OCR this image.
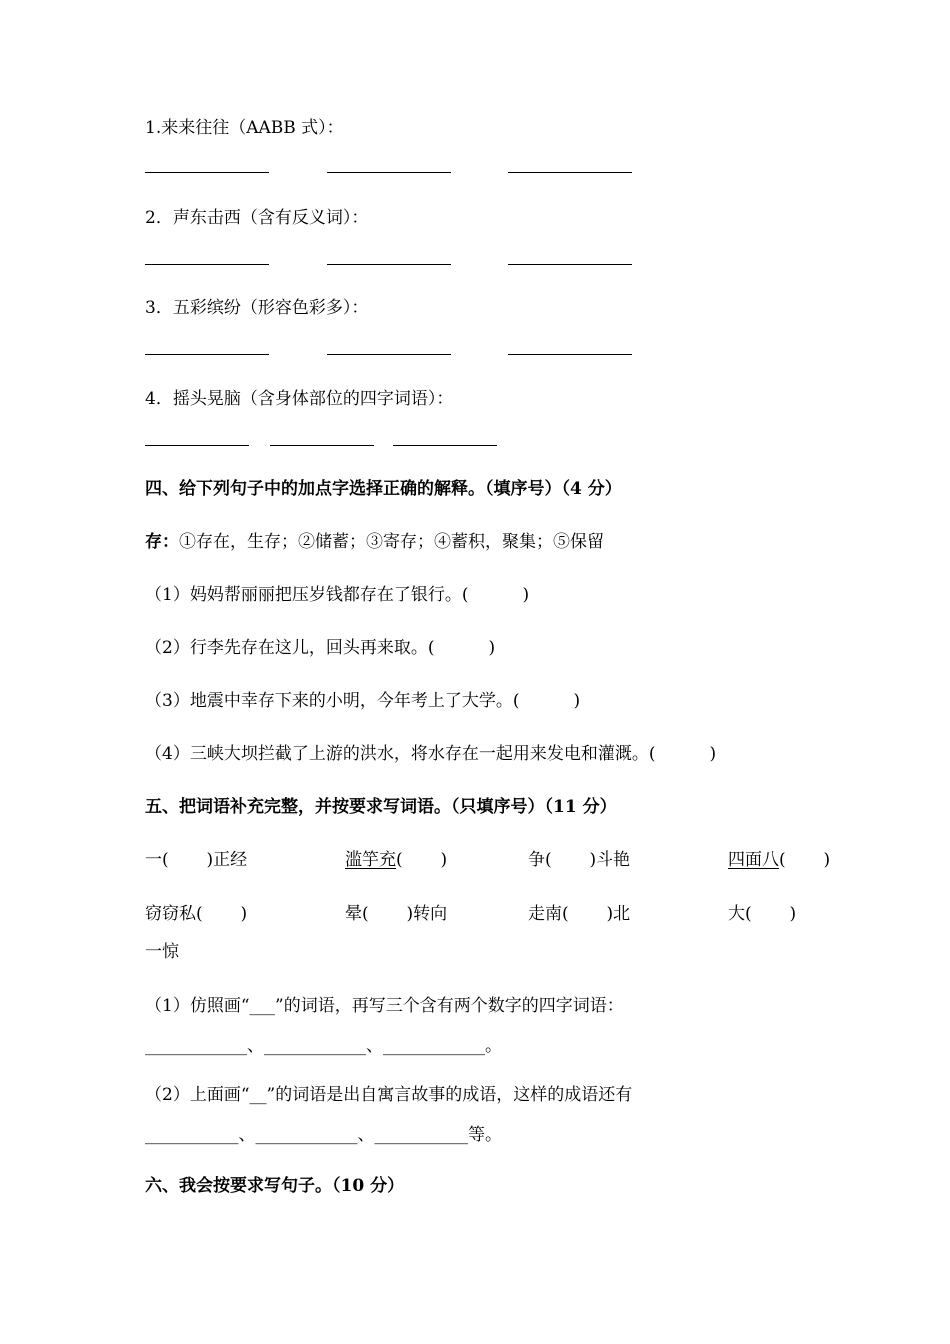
1.来来往往（AABB 式）：
2．声东击西（含有反义词）：
3．五彩缤纷（形容色彩多）：
4．摇头晃脑（含身体部位的四字词语）：
四、给下列句子中的加点字选择正确的解释。（填序号）（4 分）
存：①存在，生存；②储蓄；③寄存；④蓄积，聚集；⑤保留
（1）妈妈帮丽丽把压岁钱都存在了银行。(          )
（2）行李先存在这儿，回头再来取。(          )
（3）地震中幸存下来的小明，今年考上了大学。(          )
（4）三峡大坝拦截了上游的洪水，将水存在一起用来发电和灌溉。(          )
五、把词语补充完整，并按要求写词语。（只填序号）（11 分）
一(       )正经	滥竽充(       )	争(       )斗艳	四面八(       )
窃窃私(       )	晕(       )转向	走南(       )北	大(       )
一惊
（1）仿照画“___”的词语，再写三个含有两个数字的四字词语：
____________、____________、____________。
（2）上面画“__”的词语是出自寓言故事的成语，这样的成语还有
___________、____________、___________等。
六、我会按要求写句子。（10 分）
